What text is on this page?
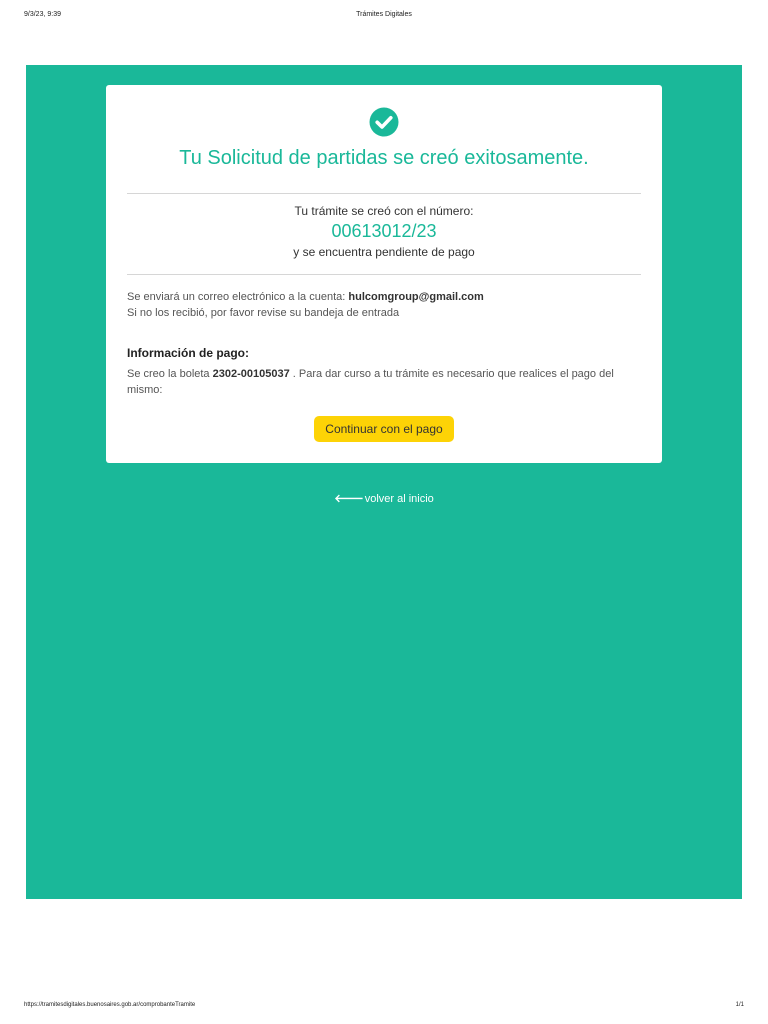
9/3/23, 9:39	Trámites Digitales
Tu Solicitud de partidas se creó exitosamente.
Tu trámite se creó con el número:
00613012/23
y se encuentra pendiente de pago
Se enviará un correo electrónico a la cuenta: hulcomgroup@gmail.com
Si no los recibió, por favor revise su bandeja de entrada
Información de pago:
Se creo la boleta 2302-00105037 . Para dar curso a tu trámite es necesario que realices el pago del mismo:
Continuar con el pago
🡐volver al inicio
https://tramitesdigitales.buenosaires.gob.ar/comprobanteTramite	1/1
